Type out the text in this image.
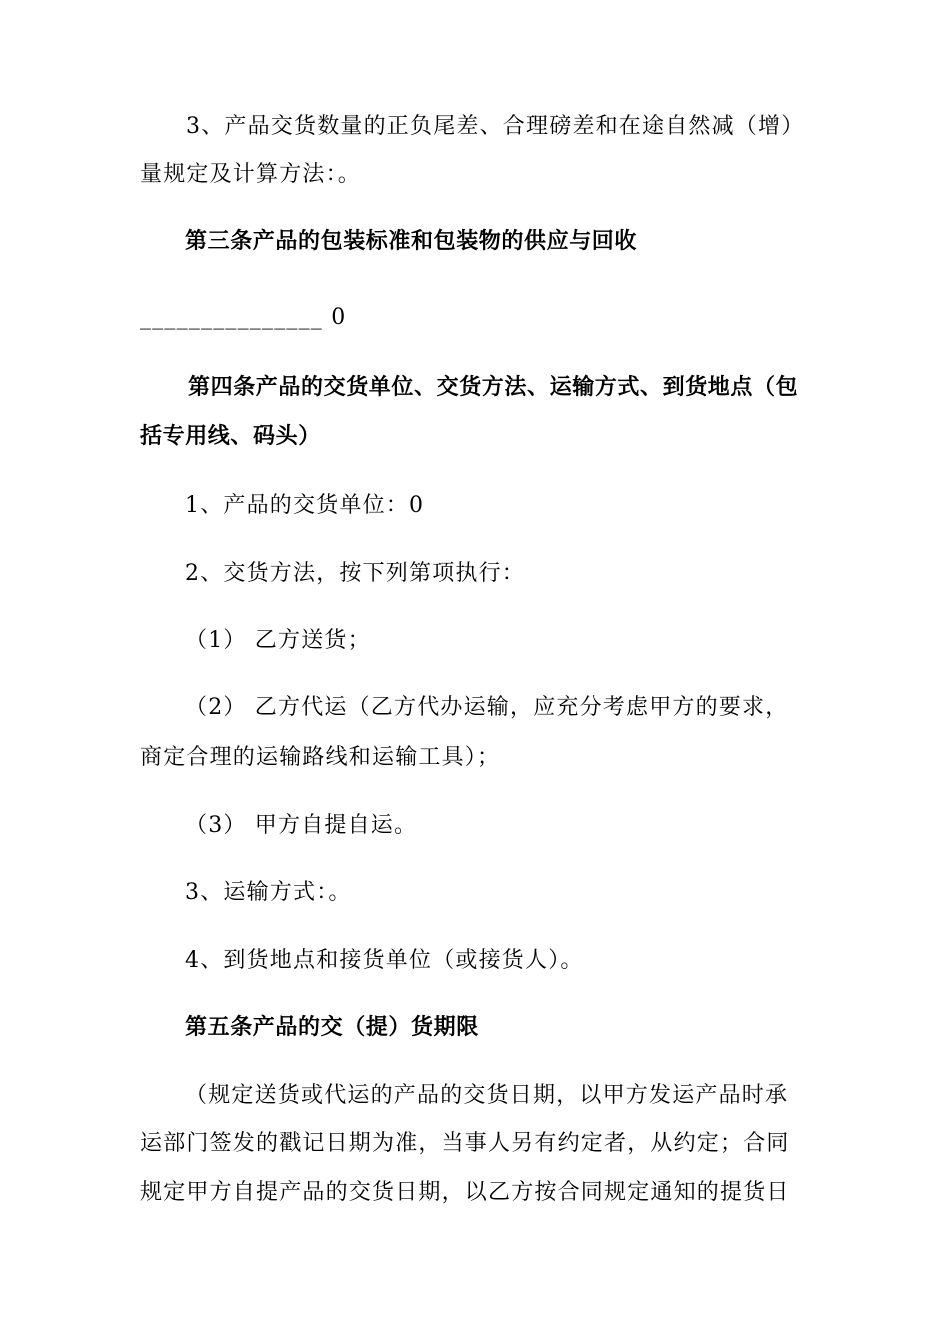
3、产品交货数量的正负尾差、合理磅差和在途自然减（增）
量规定及计算方法：。
第三条产品的包装标准和包装物的供应与回收
_______________ 0
第四条产品的交货单位、交货方法、运输方式、到货地点（包
括专用线、码头）
1、产品的交货单位：0
2、交货方法，按下列第项执行：
（1） 乙方送货；
（2） 乙方代运（乙方代办运输，应充分考虑甲方的要求，
商定合理的运输路线和运输工具）；
（3） 甲方自提自运。
3、运输方式：。
4、到货地点和接货单位（或接货人）。
第五条产品的交（提）货期限
（规定送货或代运的产品的交货日期，以甲方发运产品时承
运部门签发的戳记日期为准，当事人另有约定者，从约定；合同
规定甲方自提产品的交货日期，以乙方按合同规定通知的提货日
